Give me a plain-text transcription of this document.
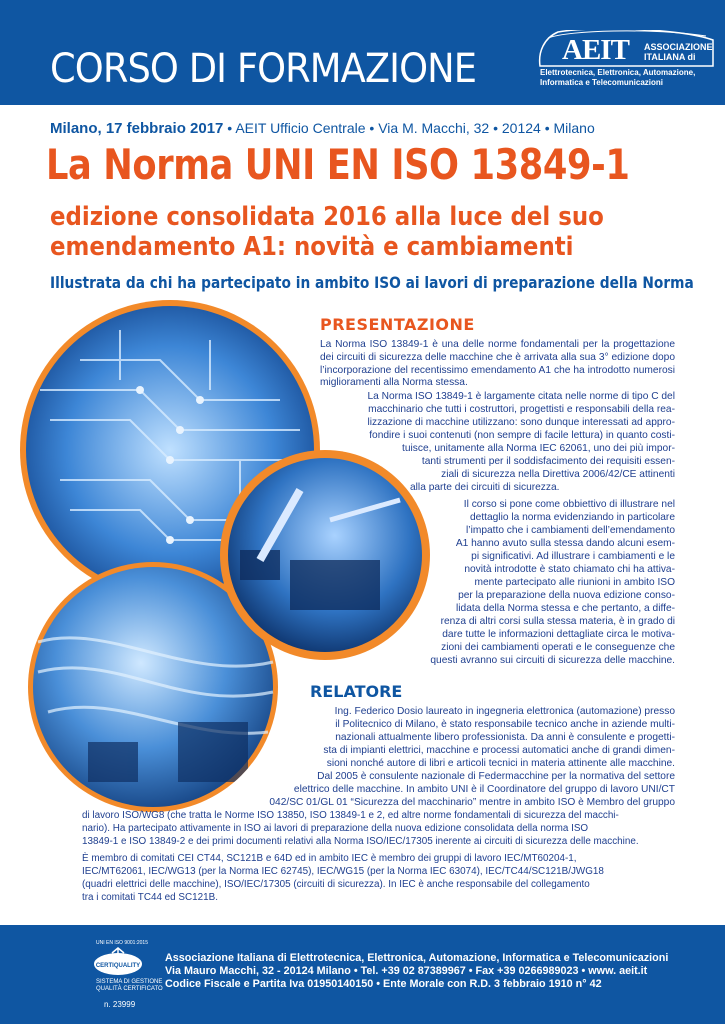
CORSO DI FORMAZIONE	AEIT ASSOCIAZIONE
ITALIANA di
Elettrotecnica, Elettronica, Automazione,
Informatica e Telecomunicazioni
Milano, 17 febbraio 2017 • AEIT Ufficio Centrale • Via M. Macchi, 32 • 20124 • Milano
La Norma UNI EN ISO 13849-1
edizione consolidata 2016 alla luce del suo
emendamento A1: novità e cambiamenti
Illustrata da chi ha partecipato in ambito ISO ai lavori di preparazione della Norma
PRESENTAZIONE
La Norma ISO 13849-1 è una delle norme fondamentali per la progettazione dei circuiti di sicurezza delle macchine che è arrivata alla sua 3° edizione dopo l’incorporazione del recentissimo emendamento A1 che ha introdotto numerosi miglioramenti alla Norma stessa.
La Norma ISO 13849-1 è largamente citata nelle norme di tipo C del
macchinario che tutti i costruttori, progettisti e responsabili della rea-
lizzazione di macchine utilizzano: sono dunque interessati ad appro-
fondire i suoi contenuti (non sempre di facile lettura) in quanto costi-
tuisce, unitamente alla Norma IEC 62061, uno dei più impor-
tanti strumenti per il soddisfacimento dei requisiti essen-
ziali di sicurezza nella Direttiva 2006/42/CE attinenti
alla parte dei circuiti di sicurezza.
Il corso si pone come obbiettivo di illustrare nel
dettaglio la norma evidenziando in particolare
l’impatto che i cambiamenti dell’emendamento
A1 hanno avuto sulla stessa dando alcuni esem-
pi significativi. Ad illustrare i cambiamenti e le
novità introdotte è stato chiamato chi ha attiva-
mente partecipato alle riunioni in ambito ISO
per la preparazione della nuova edizione conso-
lidata della Norma stessa e che pertanto, a diffe-
renza di altri corsi sulla stessa materia, è in grado di
dare tutte le informazioni dettagliate circa le motiva-
zioni dei cambiamenti operati e le conseguenze che
questi avranno sui circuiti di sicurezza delle macchine.
RELATORE
Ing. Federico Dosio laureato in ingegneria elettronica (automazione) presso
il Politecnico di Milano, è stato responsabile tecnico anche in aziende multi-
nazionali attualmente libero professionista. Da anni è consulente e progetti-
sta di impianti elettrici, macchine e processi automatici anche di grandi dimen-
sioni nonché autore di libri e articoli tecnici in materia attinente alle macchine.
Dal 2005 è consulente nazionale di Federmacchine per la normativa del settore
elettrico delle macchine. In ambito UNI è il Coordinatore del gruppo di lavoro UNI/CT
042/SC 01/GL 01 “Sicurezza del macchinario” mentre in ambito ISO è Membro del gruppo
di lavoro ISO/WG8 (che tratta le Norme ISO 13850, ISO 13849-1 e 2, ed altre norme fondamentali di sicurezza del macchi-
nario). Ha partecipato attivamente in ISO ai lavori di preparazione della nuova edizione consolidata della norma ISO
13849-1 e ISO 13849-2 e dei primi documenti relativi alla Norma ISO/IEC/17305 inerente ai circuiti di sicurezza delle macchine.
È membro di comitati CEI CT44, SC121B e 64D ed in ambito IEC è membro dei gruppi di lavoro IEC/MT60204-1,
IEC/MT62061, IEC/WG13 (per la Norma IEC 62745), IEC/WG15 (per la Norma IEC 63074), IEC/TC44/SC121B/JWG18
(quadri elettrici delle macchine), ISO/IEC/17305 (circuiti di sicurezza). In IEC è anche responsabile del collegamento
tra i comitati TC44 ed SC121B.
UNI EN ISO 9001:2015
CERTIQUALITY
SISTEMA DI GESTIONE
QUALITÀ CERTIFICATO
n. 23999
Associazione Italiana di Elettrotecnica, Elettronica, Automazione, Informatica e Telecomunicazioni
Via Mauro Macchi, 32 - 20124 Milano • Tel. +39 02 87389967 • Fax +39 0266989023 • www. aeit.it
Codice Fiscale e Partita Iva 01950140150 • Ente Morale con R.D. 3 febbraio 1910 n° 42
